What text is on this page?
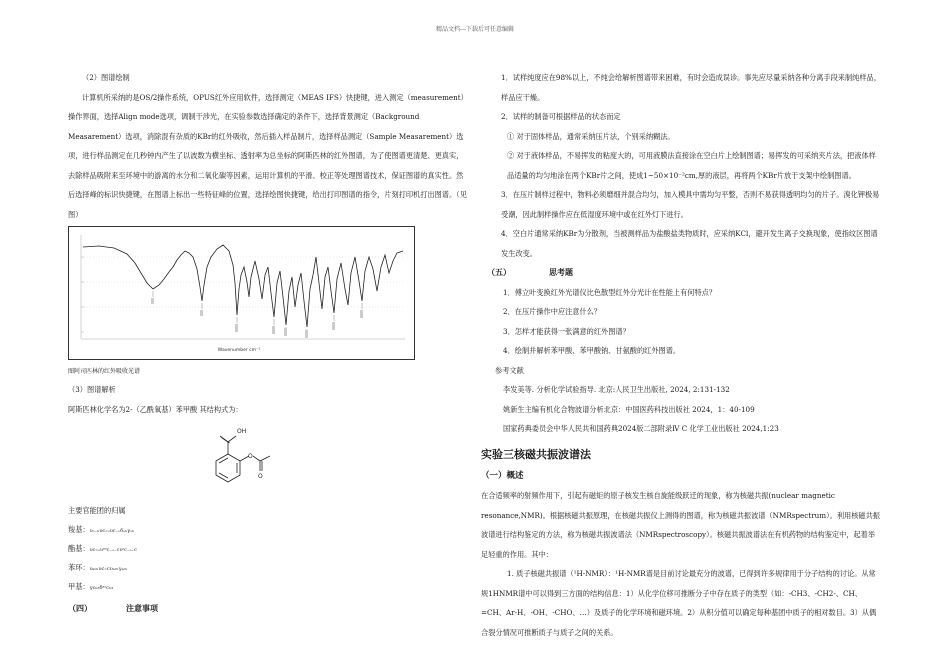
精品文档---下载后可任意编辑

（2）图谱绘制

计算机所采纳的是OS/2操作系统，OPUS红外应用软件，选择测定（MEAS IFS）快捷键，进入测定（measurement）操作界面，选择Align mode选项，调制干涉光，在实验参数选择确定的条件下，选择背景测定（Background Measarement）选项，消除混有杂质的KBr的红外吸收，然后插入样品制片，选择样品测定（Sample Measarement）选项，进行样品测定在几秒钟内产生了以波数为横坐标、透射率为总坐标的阿斯匹林的红外图谱，为了使图谱更清楚、更真实，去除样品吸附来至环境中的游离的水分和二氧化碳等因素，运用计算机的平滑、校正等处理图谱技术，保证图谱的真实性。然后选择峰的标识快捷键，在图谱上标出一些特征峰的位置，选择绘图快捷键，给出打印图谱的指令，片刻打印机打出图谱。（见图）

Wavenumber cm⁻¹

图阿司匹林的红外吸收光谱

（3）图谱解析

阿斯匹林化学名为2-（乙酰氧基）苯甲酸 其结构式为：

OH
O
O

主要官能团的归属

羧基：υₒ₋ₕυc₌ₒυc₋ₒδₒₕγₒₕ

酯基：υc₌ₒυᵃˢc₋ₒ₋cυˢc₋ₒ₋c

苯环：υₐᵣₕυc₌cυₐᵣₕγₐᵣₕ

甲基：γcₕ₃δᵃˢcₕ₃

（四）	注意事项

1．试样纯度应在98%以上，不纯会给解析图谱带来困难，有时会造成误诊。事先应尽量采纳各种分离手段来制纯样品，样品应干燥。

2．试样的制备可根据样品的状态而定

① 对于固体样品，通常采纳压片法，个别采纳糊法。

② 对于液体样品，不易挥发的粘度大的，可用液膜法直接涂在空白片上绘制图谱；易挥发的可采纳夹片法，把液体样品适量的均匀地涂在两个KBr片之间，使成1~50×10⁻²cm,厚的液层，再将两个KBr片放于支架中绘制图谱。

3．在压片制样过程中，物料必须磨细并混合均匀，加入模具中需均匀平整，否则不易获得透明均匀的片子。溴化钾极易受潮，因此制样操作应在低湿度环境中或在红外灯下进行。

4．空白片通常采纳KBr为分散剂，当被测样品为盐酸盐类物质时，应采纳KCl，避开发生离子交换现象，使指纹区图谱发生改变。

（五）	思考题

1．傅立叶变换红外光谱仪比色散型红外分光计在性能上有何特点？

2．在压片操作中应注意什么？

3．怎样才能获得一张满意的红外图谱？

4．绘制并解析苯甲酸、苯甲酸钠、甘氨酸的红外图谱。

参考文献

李发美等. 分析化学试验指导. 北京:人民卫生出版社, 2024, 2:131-132

姚新生主编有机化合物波谱分析北京：中国医药科技出版社 2024，1：40-109

国家药典委员会中华人民共和国药典2024版二部附录Ⅳ C 化学工业出版社 2024,1:23

实验三核磁共振波谱法

（一）概述

在合适频率的射频作用下，引起有磁矩的原子核发生核自旋能级跃迁的现象，称为核磁共振(nuclear magnetic resonance,NMR)。根据核磁共振原理，在核磁共振仪上测得的图谱，称为核磁共振波谱（NMRspectrum）。利用核磁共振波谱进行结构鉴定的方法，称为核磁共振波谱法（NMRspectroscopy）。核磁共振波谱法在有机药物的结构鉴定中，起着举足轻重的作用。其中：

1. 质子核磁共振谱（¹H-NMR）：¹H-NMR谱是目前讨论最充分的波谱，已得到许多规律用于分子结构的讨论。从常规1HNMR谱中可以得到三方面的结构信息：1）从化学位移可推断分子中存在质子的类型（如：-CH3、-CH2-、CH、=CH、Ar-H、-OH、-CHO、…）及质子的化学环境和磁环境。2）从积分值可以确定每种基团中质子的相对数目。3）从偶合裂分情况可推断质子与质子之间的关系。
